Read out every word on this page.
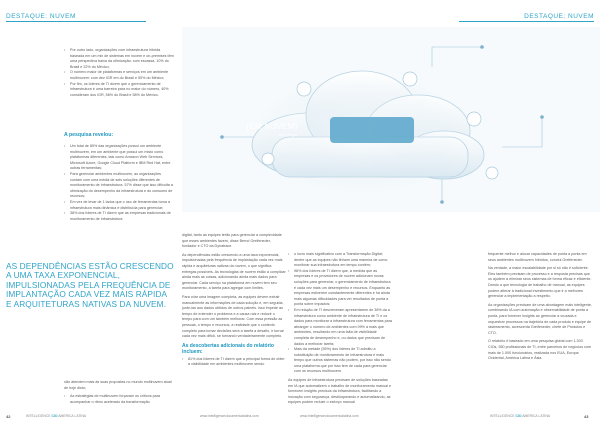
DESTAQUE: NUVEM	DESTAQUE: NUVEM
{EM NUVEM}
tecnologia
• Por outro lado, organizações com infraestrutura híbrida baseada em um mix de sistemas em nuvem e on-premises têm uma perspectiva baixa da otimização: com escassa, 10% do Brasil e 22% do México;
• O número maior de plataformas e serviços em um ambiente multinuvem: com dez IGR em do Brasil e 50% do México;
• Por fim, os líderes de TI dizem que o gerenciamento de infraestrutura é uma barreira para no maior do número, 40% consideram dos IGR, 56% do Brasil e 58% do México.
A pesquisa revelou:
• Um total de 89% das organizações possui um ambiente multinuvem, em um ambiente que possui um misto como plataformas diferentes, tais como Amazon Web Services, Microsoft Azure, Google Cloud Platform e IBM Red Hat, entre outras ferramentas;
• Para gerenciar ambientes multinuvem, as organizações contam com uma média de seis soluções diferentes de monitoramento de infraestrutura. 57% disse que isso dificulta a otimização do desempenho da infraestrutura e do consumo de recursos;
• Em vez de levar de 1 lados que o uso de ferramentas torna a infraestrutura mais dinâmica e distribuída para gerenciar;
• 38% dos líderes de TI dizem que as empresas tradicionais de monitoramento de infraestrutura
AS DEPENDÊNCIAS ESTÃO CRESCENDO A UMA TAXA EXPONENCIAL, IMPULSIONADAS PELA FREQUÊNCIA DE IMPLANTAÇÃO CADA VEZ MAIS RÁPIDA E ARQUITETURAS NATIVAS DA NUVEM.

não atendem mais às suas propostas no mundo multinuvem atual de hoje disto;

• As estratégias de multinuvem forçaram os críticos para acompanhar o ritmo acelerado da transformação

digital, tanto as equipes terão para gerenciar a complexidade que esses ambientes fazem, disse Bernd Greifeneder, fundador e CTO da Dynatrace.

As dependências estão crescendo a uma taxa exponencial, impulsionadas pela frequência de implantação cada vez mais rápida e arquiteturas nativas da nuvem, o que significa entregas possíveis. As tecnologias de nuvem estão a complicar ainda mais as coisas, adicionando ainda mais dados para gerenciar. Cada serviço na plataforma em nuvem tem seu monitoramento, a tarefa para agregar com limites.

Para criar uma imagem completa, as equipes devem extrair manualmente as informações de cada solução e, em seguida, junte-las aos dados obtidos de outros painéis. Isso impede ao tempo de entender o problema e a causa raiz e reduzir o tempo para com um também melhorar. Com essa pressão as pessoas, o tempo e recursos, a realidade que o contexto completo para tomar decisões será a tarefa a desafio, ir tornar cada vez mais difícil, se tornando verdadeiramente completo.

As descobertas adicionais do relatório incluem:
• 81% dos líderes de TI dizem que a principal forma de obter a visibilidade em ambientes multinuvem sendo
• o lucro mais significativo com a Transformação Digital; dentre que as equipes não tinham uma maneira de como monitorar sua infraestrutura em tempo contém;
• 98% dos líderes de TI dizem que, à medida que as empresas e os provedores de nuvem adicionam novas soluções para gerenciar, o gerenciamento de infraestrutura é cada vez mais um desempenho e recursos. Enquanto as empresas estiverem constantemente diferentes e há ainda mais algumas dificuldades para ver resultados de ponta a ponta sobre impactos;
• Em relação de TI descreveram apresentarem de 38% da a infraestrutura como ambiente de infraestrutura de TI e os dados para monitorar a infraestrutura com ferramentas para abranger o número de ambientes com 99% a mais que ambientes, resultando em uma falta de visibilidade completa de desempenho e, ou dados que precisam de dados a melhorar tarefa;
• Mais da metade (55%) dos líderes de TI admitiu a substituição de monitoramento de infraestrutura é mais tempo que outros sistemas não podem, por isso não sendo uma plataforma que por isso tem de cada para gerenciar com os recursos multinuvem.

As equipes de infraestrutura precisam de soluções baseadas em IA que automatizem o trabalho de monitoramento manual e fornecem insights precisos da infraestrutura, facilitando a inovação com segurança, desbloqueando e automatizando, as equipes podem reduzir o esforço manual

frequente melhor e alocar capacidades de ponta a ponta em seus ambientes multinuvem híbridos, conclui Greifeneder.

Na verdade, a maior escalabilidade por si só não é suficiente. Eles também precisam de processo e a resposta precisas que os ajudem a eliminar seus sistemas de forma eficaz e eficiente. Dando a que tecnologia de trabalho de manual, as equipes podem alterar à tradicional investimento que ir a melhores gerenciar a implementação a respeito.

As organizações precisam de uma abordagem mais inteligente, combinando IA com automação e observabilidade de ponta a ponta, para fornecer insights ao gerenciar a cruzada e orquestrar processos na trajetória de cada produto e equipe de rastreamento, acrescenta Greifeneder, chefe de Produtos e CTO.

O relatório é baseado em uma pesquisa global com 1.303 CIOs, 550 profissionais de TI, entre parceiros de negócios com mais de 1.000 funcionários, realizada nos EUA, Europa Ocidental, América Latina e Ásia.

42	INTELLIGENCE CIO AMERICA LATINA	www.intelligenceciocamericalatina.com	www.intelligenceciocamericalatina.com	INTELLIGENCE CIO AMERICA LATINA	43
